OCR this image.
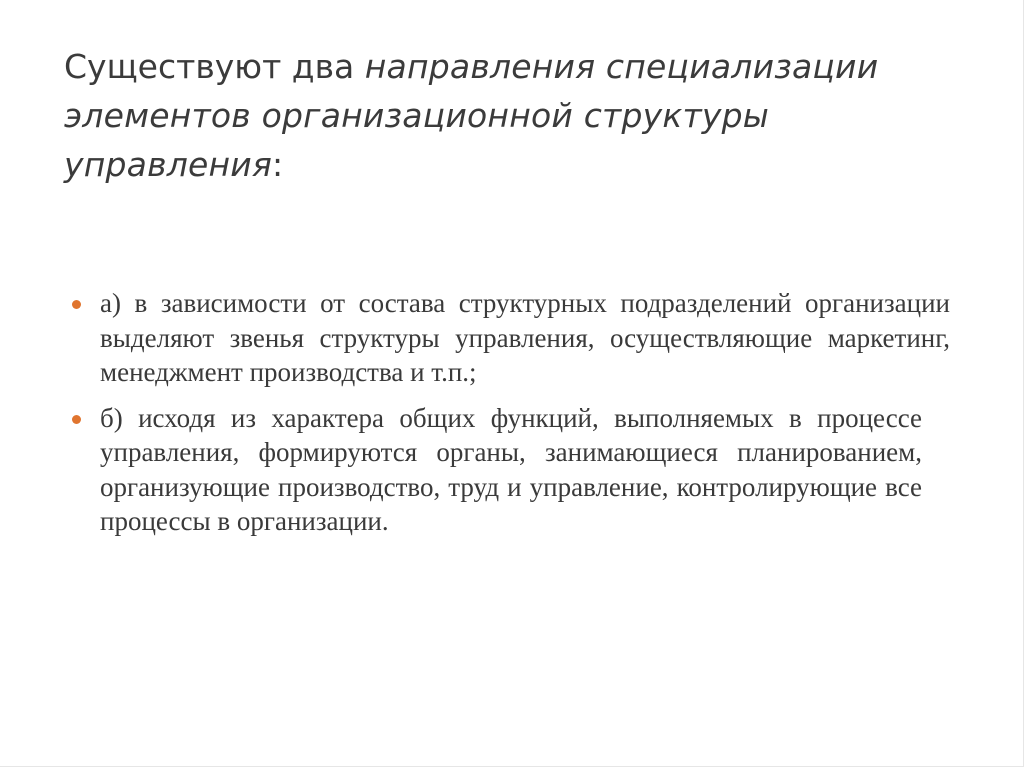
Существуют два направления специализации элементов организационной структуры управления:
а) в зависимости от состава структурных подразделений организации выделяют звенья структуры управления, осуществляющие маркетинг, менеджмент производства и т.п.;
б) исходя из характера общих функций, выполняемых в процессе управления, формируются органы, занимающиеся планированием, организующие производство, труд и управление, контролирующие все процессы в организации.
